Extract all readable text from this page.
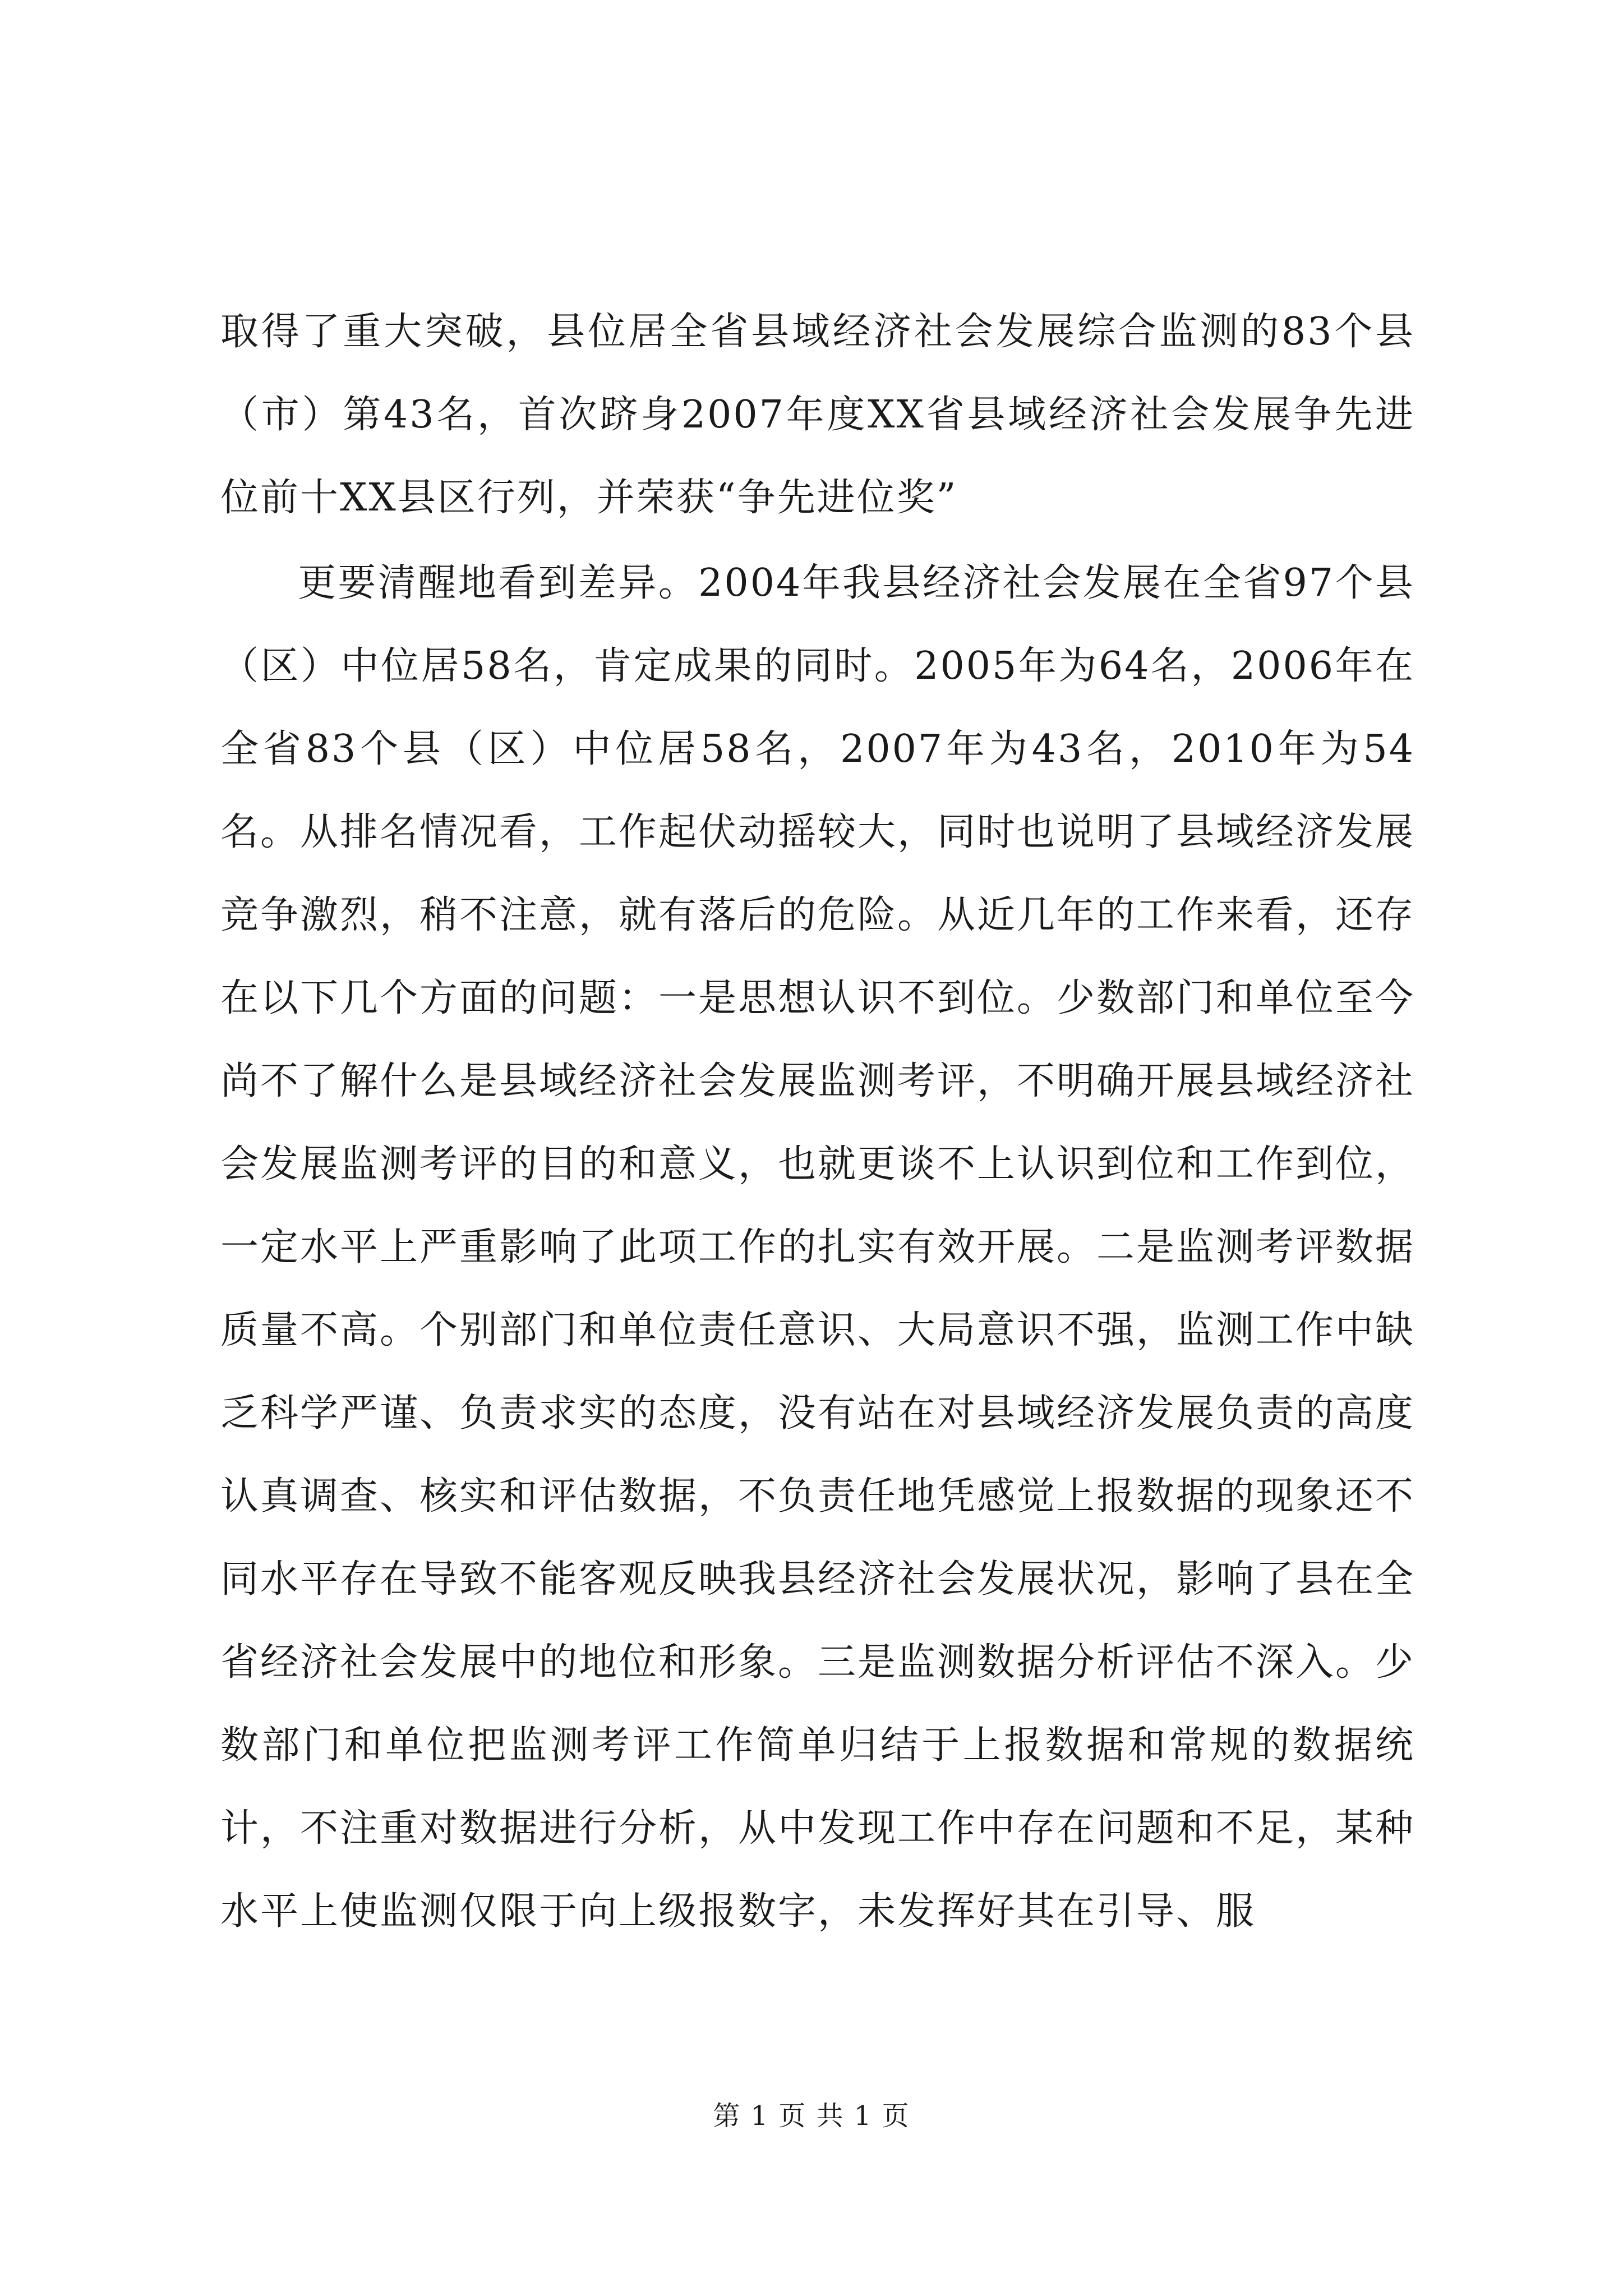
取得了重大突破，县位居全省县域经济社会发展综合监测的83个县（市）第43名，首次跻身2007年度XX省县域经济社会发展争先进位前十XX县区行列，并荣获“争先进位奖”

更要清醒地看到差异。2004年我县经济社会发展在全省97个县（区）中位居58名，肯定成果的同时。2005年为64名，2006年在全省83个县（区）中位居58名，2007年为43名，2010年为54名。从排名情况看，工作起伏动摇较大，同时也说明了县域经济发展竞争激烈，稍不注意，就有落后的危险。从近几年的工作来看，还存在以下几个方面的问题：一是思想认识不到位。少数部门和单位至今尚不了解什么是县域经济社会发展监测考评，不明确开展县域经济社会发展监测考评的目的和意义，也就更谈不上认识到位和工作到位，一定水平上严重影响了此项工作的扎实有效开展。二是监测考评数据质量不高。个别部门和单位责任意识、大局意识不强，监测工作中缺乏科学严谨、负责求实的态度，没有站在对县域经济发展负责的高度认真调查、核实和评估数据，不负责任地凭感觉上报数据的现象还不同水平存在导致不能客观反映我县经济社会发展状况，影响了县在全省经济社会发展中的地位和形象。三是监测数据分析评估不深入。少数部门和单位把监测考评工作简单归结于上报数据和常规的数据统计，不注重对数据进行分析，从中发现工作中存在问题和不足，某种水平上使监测仅限于向上级报数字，未发挥好其在引导、服

第 1 页 共 1 页
